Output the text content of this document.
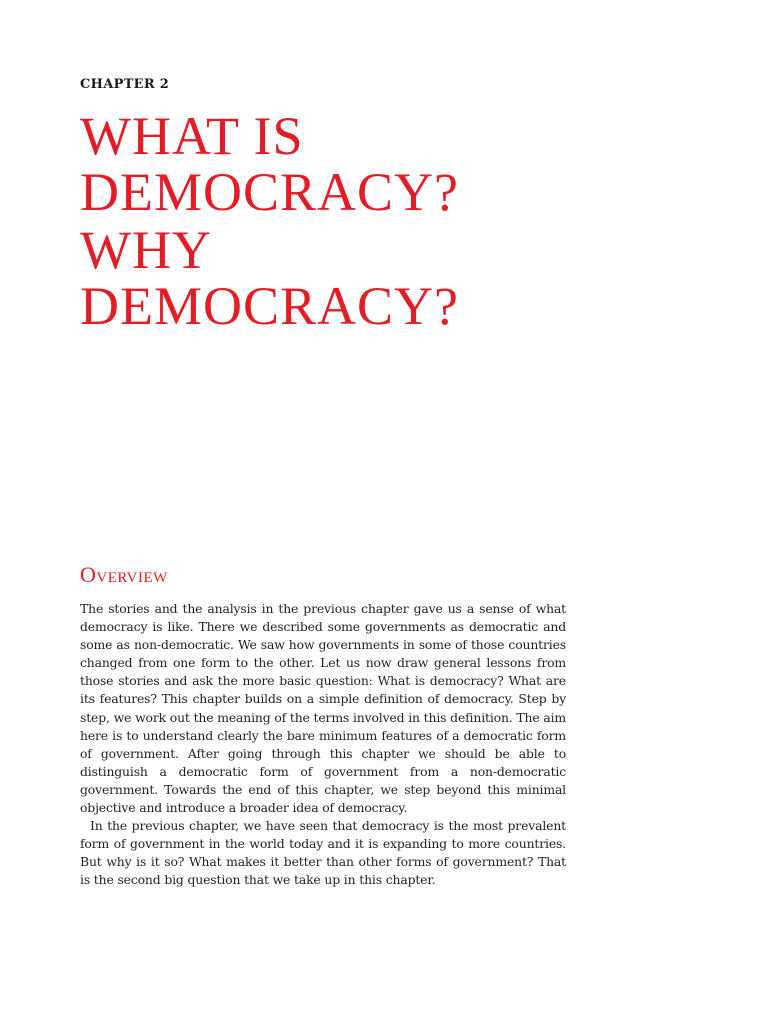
CHAPTER 2
WHAT IS
DEMOCRACY?
WHY
DEMOCRACY?
Overview

The stories and the analysis in the previous chapter gave us a sense of what democracy is like. There we described some governments as democratic and some as non-democratic. We saw how governments in some of those countries changed from one form to the other. Let us now draw general lessons from those stories and ask the more basic question: What is democracy? What are its features? This chapter builds on a simple definition of democracy. Step by step, we work out the meaning of the terms involved in this definition. The aim here is to understand clearly the bare minimum features of a democratic form of government. After going through this chapter we should be able to distinguish a democratic form of government from a non-democratic government. Towards the end of this chapter, we step beyond this minimal objective and introduce a broader idea of democracy.

In the previous chapter, we have seen that democracy is the most prevalent form of government in the world today and it is expanding to more countries. But why is it so? What makes it better than other forms of government? That is the second big question that we take up in this chapter.
